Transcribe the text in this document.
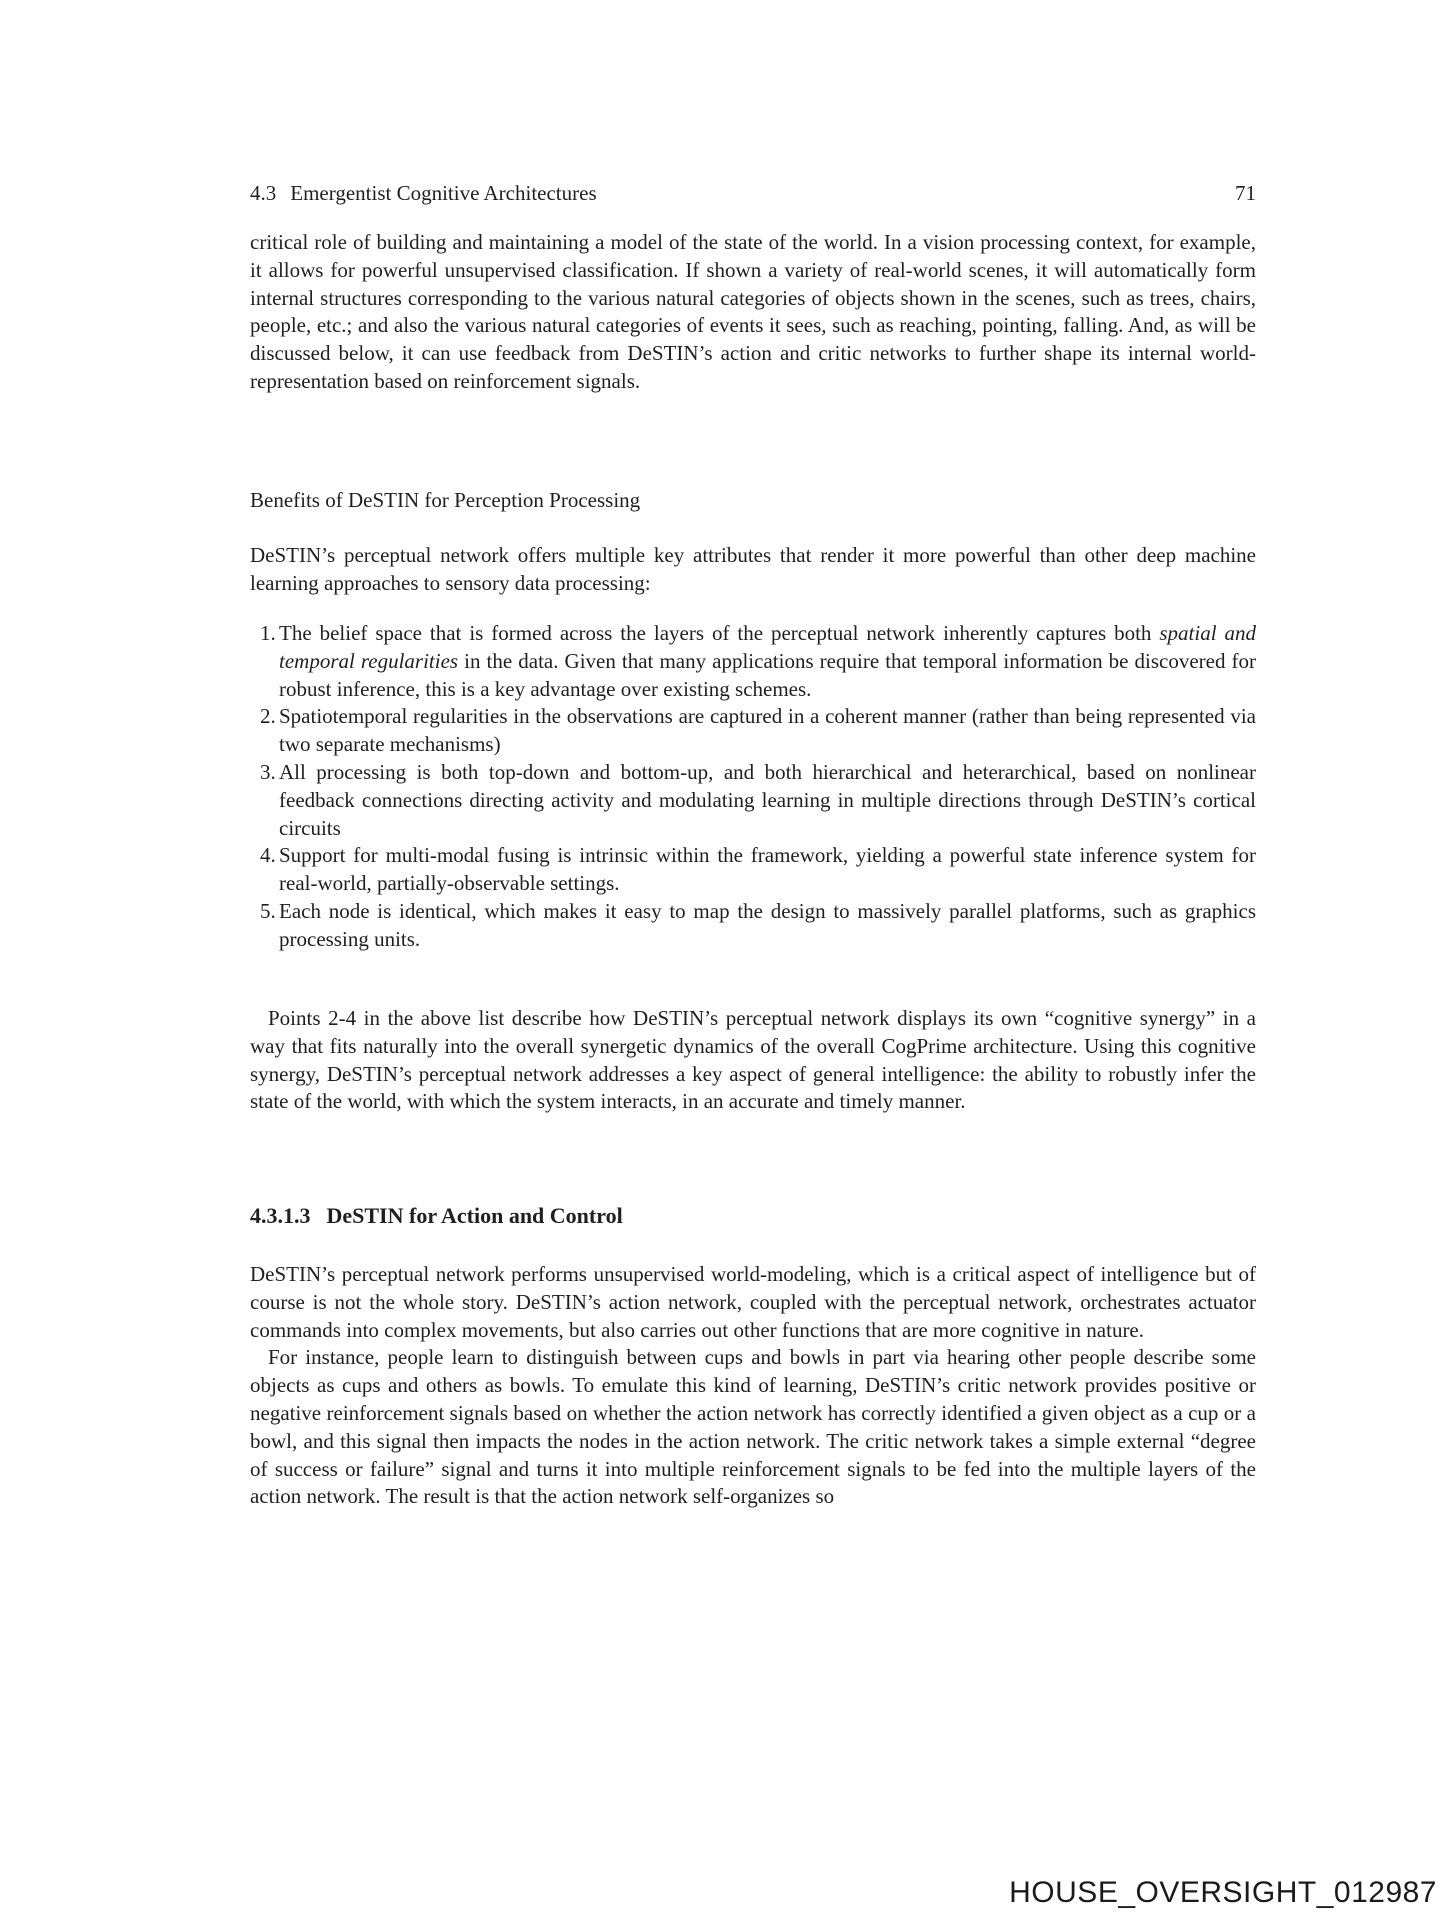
4.3 Emergentist Cognitive Architectures	71

critical role of building and maintaining a model of the state of the world. In a vision processing context, for example, it allows for powerful unsupervised classification. If shown a variety of real-world scenes, it will automatically form internal structures corresponding to the various natural categories of objects shown in the scenes, such as trees, chairs, people, etc.; and also the various natural categories of events it sees, such as reaching, pointing, falling. And, as will be discussed below, it can use feedback from DeSTIN’s action and critic networks to further shape its internal world-representation based on reinforcement signals.

Benefits of DeSTIN for Perception Processing

DeSTIN’s perceptual network offers multiple key attributes that render it more powerful than other deep machine learning approaches to sensory data processing:

1. The belief space that is formed across the layers of the perceptual network inherently captures both spatial and temporal regularities in the data. Given that many applications require that temporal information be discovered for robust inference, this is a key advantage over existing schemes.
2. Spatiotemporal regularities in the observations are captured in a coherent manner (rather than being represented via two separate mechanisms)
3. All processing is both top-down and bottom-up, and both hierarchical and heterarchical, based on nonlinear feedback connections directing activity and modulating learning in multiple directions through DeSTIN’s cortical circuits
4. Support for multi-modal fusing is intrinsic within the framework, yielding a powerful state inference system for real-world, partially-observable settings.
5. Each node is identical, which makes it easy to map the design to massively parallel platforms, such as graphics processing units.

Points 2-4 in the above list describe how DeSTIN’s perceptual network displays its own “cognitive synergy” in a way that fits naturally into the overall synergetic dynamics of the overall CogPrime architecture. Using this cognitive synergy, DeSTIN’s perceptual network addresses a key aspect of general intelligence: the ability to robustly infer the state of the world, with which the system interacts, in an accurate and timely manner.

4.3.1.3 DeSTIN for Action and Control

DeSTIN’s perceptual network performs unsupervised world-modeling, which is a critical aspect of intelligence but of course is not the whole story. DeSTIN’s action network, coupled with the perceptual network, orchestrates actuator commands into complex movements, but also carries out other functions that are more cognitive in nature.

For instance, people learn to distinguish between cups and bowls in part via hearing other people describe some objects as cups and others as bowls. To emulate this kind of learning, DeSTIN’s critic network provides positive or negative reinforcement signals based on whether the action network has correctly identified a given object as a cup or a bowl, and this signal then impacts the nodes in the action network. The critic network takes a simple external “degree of success or failure” signal and turns it into multiple reinforcement signals to be fed into the multiple layers of the action network. The result is that the action network self-organizes so

HOUSE_OVERSIGHT_012987
